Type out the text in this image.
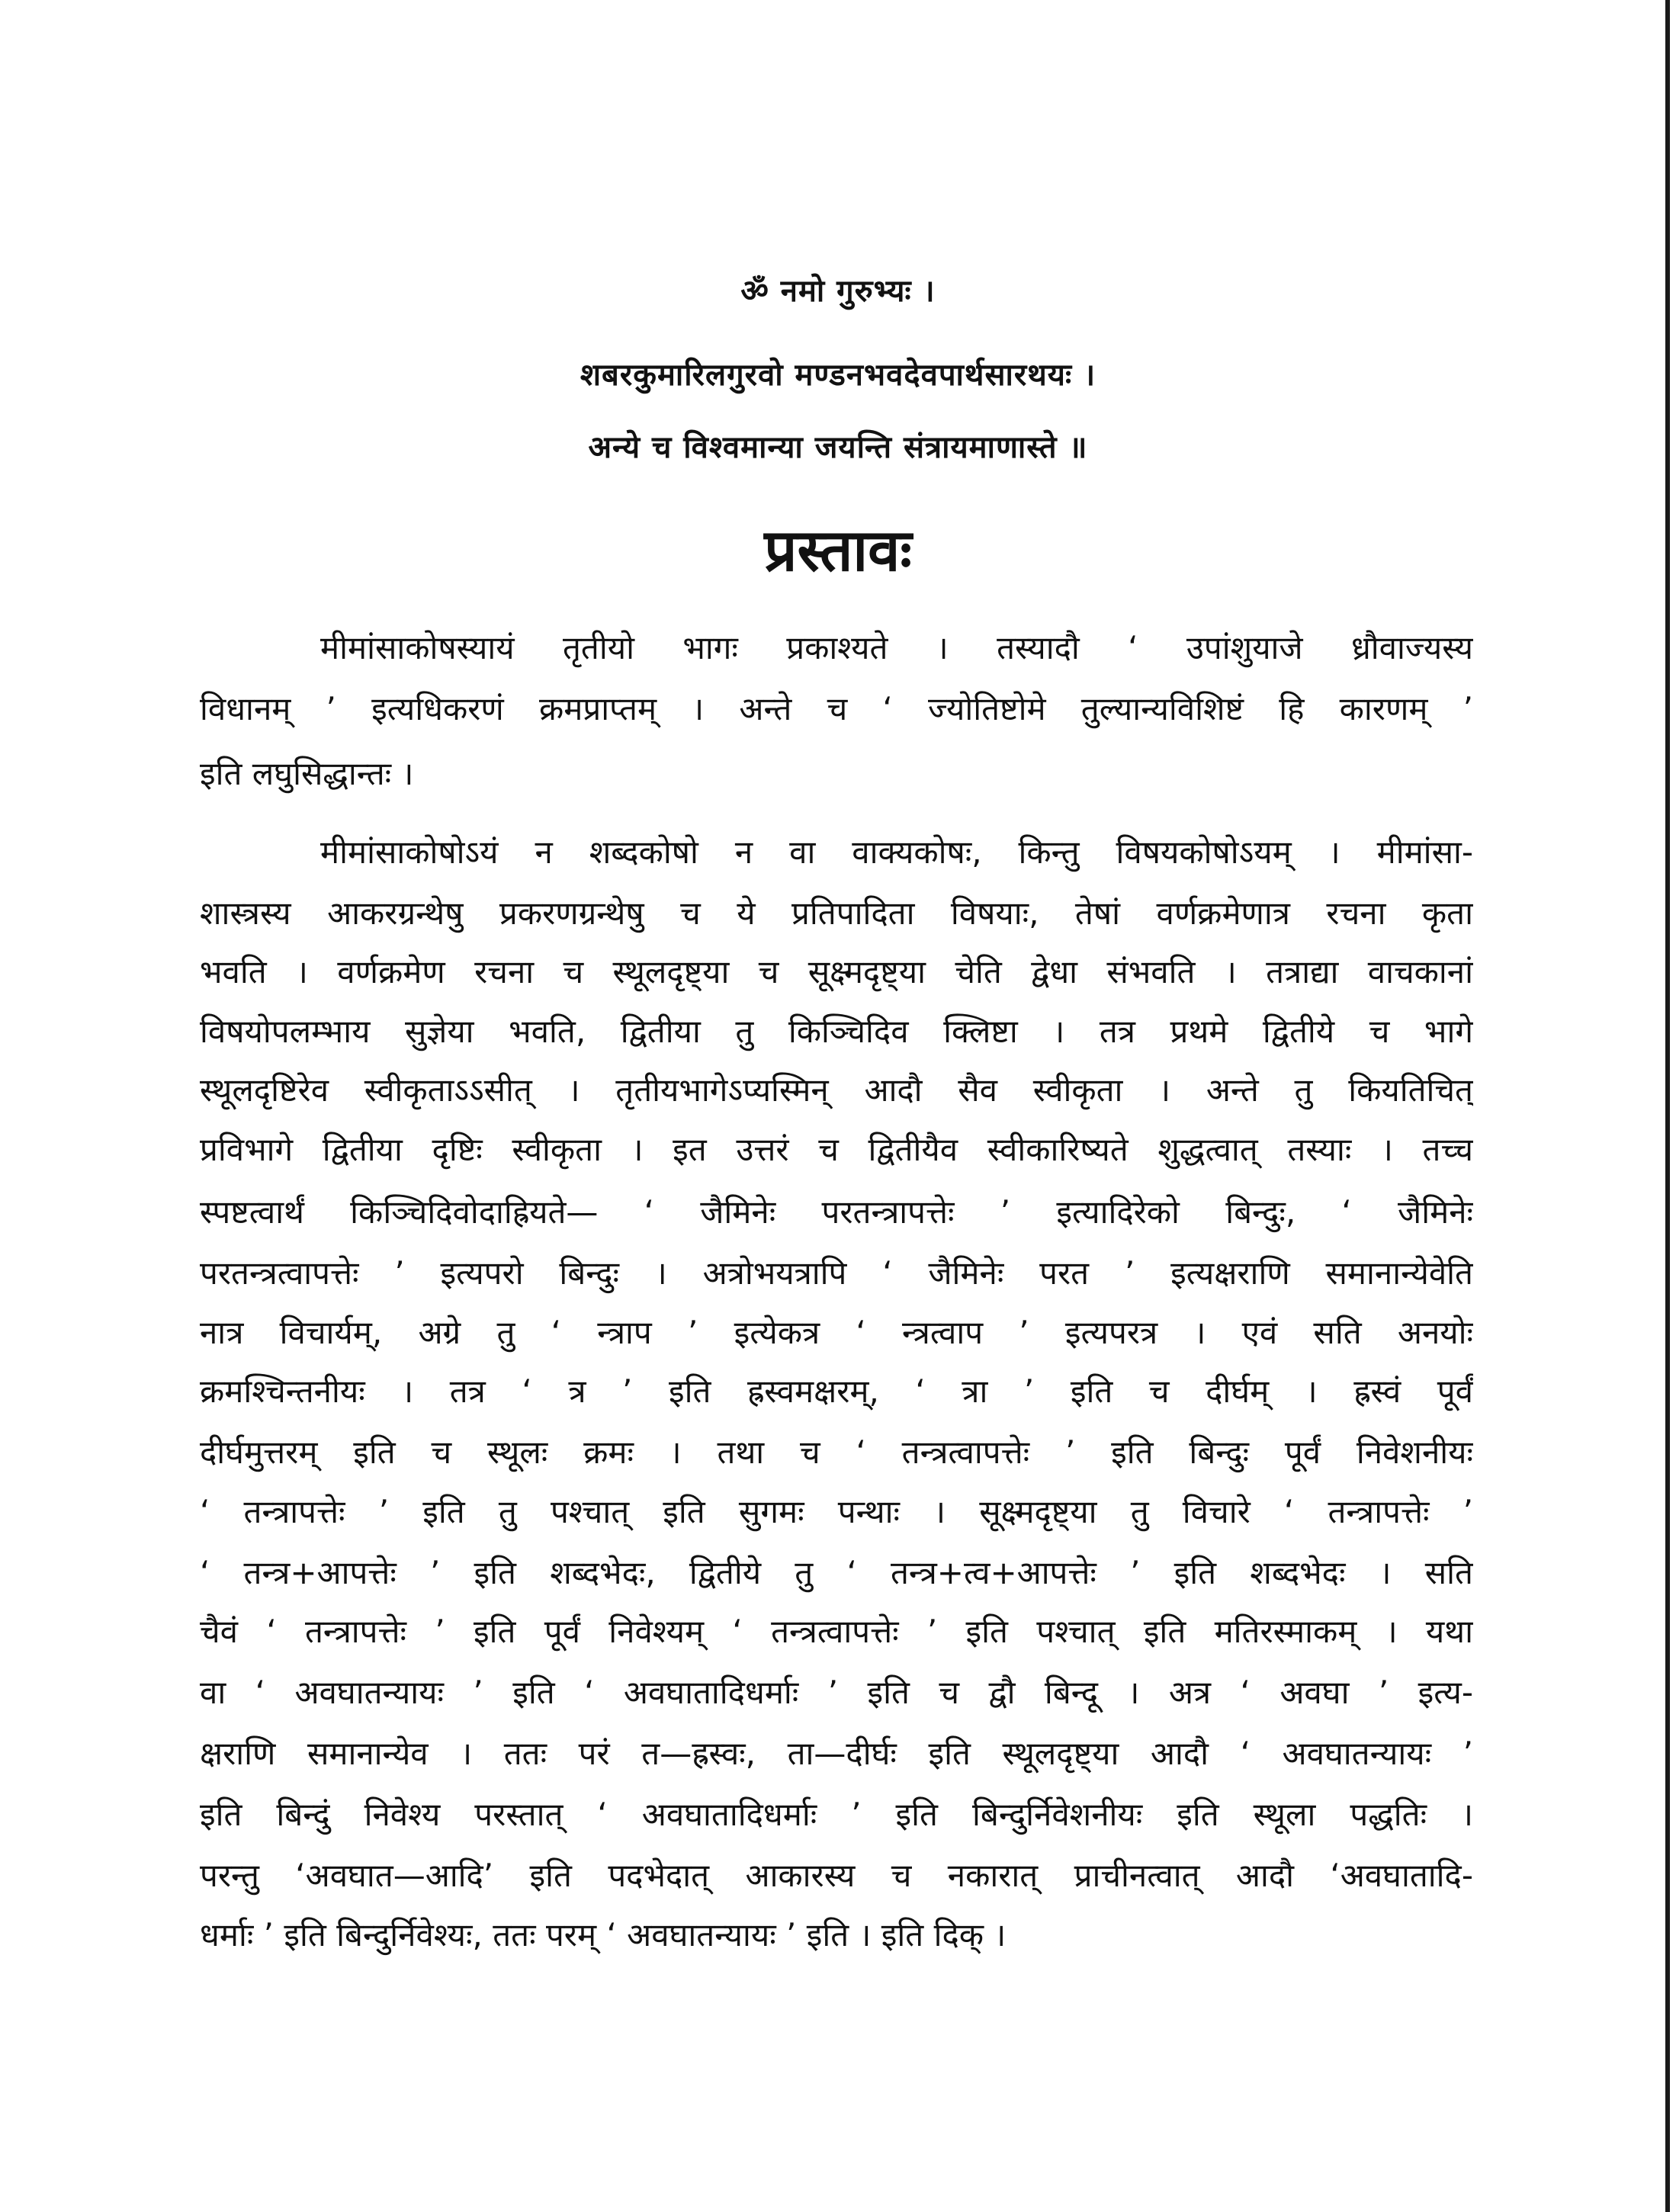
ॐ नमो गुरुभ्यः ।
शबरकुमारिलगुरवो मण्डनभवदेवपार्थसारथयः ।
अन्ये च विश्वमान्या जयन्ति संत्रायमाणास्ते ॥
प्रस्तावः
मीमांसाकोषस्यायं तृतीयो भागः प्रकाश्यते । तस्यादौ ‘ उपांशुयाजे ध्रौवाज्यस्य
विधानम् ’ इत्यधिकरणं क्रमप्राप्तम् । अन्ते च ‘ ज्योतिष्टोमे तुल्यान्यविशिष्टं हि कारणम् ’
इति लघुसिद्धान्तः ।
मीमांसाकोषोऽयं न शब्दकोषो न वा वाक्यकोषः, किन्तु विषयकोषोऽयम् । मीमांसा-
शास्त्रस्य आकरग्रन्थेषु प्रकरणग्रन्थेषु च ये प्रतिपादिता विषयाः, तेषां वर्णक्रमेणात्र रचना कृता
भवति । वर्णक्रमेण रचना च स्थूलदृष्ट्या च सूक्ष्मदृष्ट्या चेति द्वेधा संभवति । तत्राद्या वाचकानां
विषयोपलम्भाय सुज्ञेया भवति, द्वितीया तु किञ्चिदिव क्लिष्टा । तत्र प्रथमे द्वितीये च भागे
स्थूलदृष्टिरेव स्वीकृताऽऽसीत् । तृतीयभागेऽप्यस्मिन् आदौ सैव स्वीकृता । अन्ते तु कियतिचित्
प्रविभागे द्वितीया दृष्टिः स्वीकृता । इत उत्तरं च द्वितीयैव स्वीकारिष्यते शुद्धत्वात् तस्याः । तच्च
स्पष्टत्वार्थं किञ्चिदिवोदाह्रियते— ‘ जैमिनेः परतन्त्रापत्तेः ’ इत्यादिरेको बिन्दुः, ‘ जैमिनेः
परतन्त्रत्वापत्तेः ’ इत्यपरो बिन्दुः । अत्रोभयत्रापि ‘ जैमिनेः परत ’ इत्यक्षराणि समानान्येवेति
नात्र विचार्यम्, अग्रे तु ‘ न्त्राप ’ इत्येकत्र ‘ न्त्रत्वाप ’ इत्यपरत्र । एवं सति अनयोः
क्रमश्चिन्तनीयः । तत्र ‘ त्र ’ इति ह्रस्वमक्षरम्, ‘ त्रा ’ इति च दीर्घम् । ह्रस्वं पूर्वं
दीर्घमुत्तरम् इति च स्थूलः क्रमः । तथा च ‘ तन्त्रत्वापत्तेः ’ इति बिन्दुः पूर्वं निवेशनीयः
‘ तन्त्रापत्तेः ’ इति तु पश्चात् इति सुगमः पन्थाः । सूक्ष्मदृष्ट्या तु विचारे ‘ तन्त्रापत्तेः ’
‘ तन्त्र+आपत्तेः ’ इति शब्दभेदः, द्वितीये तु ‘ तन्त्र+त्व+आपत्तेः ’ इति शब्दभेदः । सति
चैवं ‘ तन्त्रापत्तेः ’ इति पूर्वं निवेश्यम् ‘ तन्त्रत्वापत्तेः ’ इति पश्चात् इति मतिरस्माकम् । यथा
वा ‘ अवघातन्यायः ’ इति ‘ अवघातादिधर्माः ’ इति च द्वौ बिन्दू । अत्र ‘ अवघा ’ इत्य-
क्षराणि समानान्येव । ततः परं त—ह्रस्वः, ता—दीर्घः इति स्थूलदृष्ट्या आदौ ‘ अवघातन्यायः ’
इति बिन्दुं निवेश्य परस्तात् ‘ अवघातादिधर्माः ’ इति बिन्दुर्निवेशनीयः इति स्थूला पद्धतिः ।
परन्तु ‘अवघात—आदि’ इति पदभेदात् आकारस्य च नकारात् प्राचीनत्वात् आदौ ‘अवघातादि-
धर्माः ’ इति बिन्दुर्निवेश्यः, ततः परम् ‘ अवघातन्यायः ’ इति । इति दिक् ।
